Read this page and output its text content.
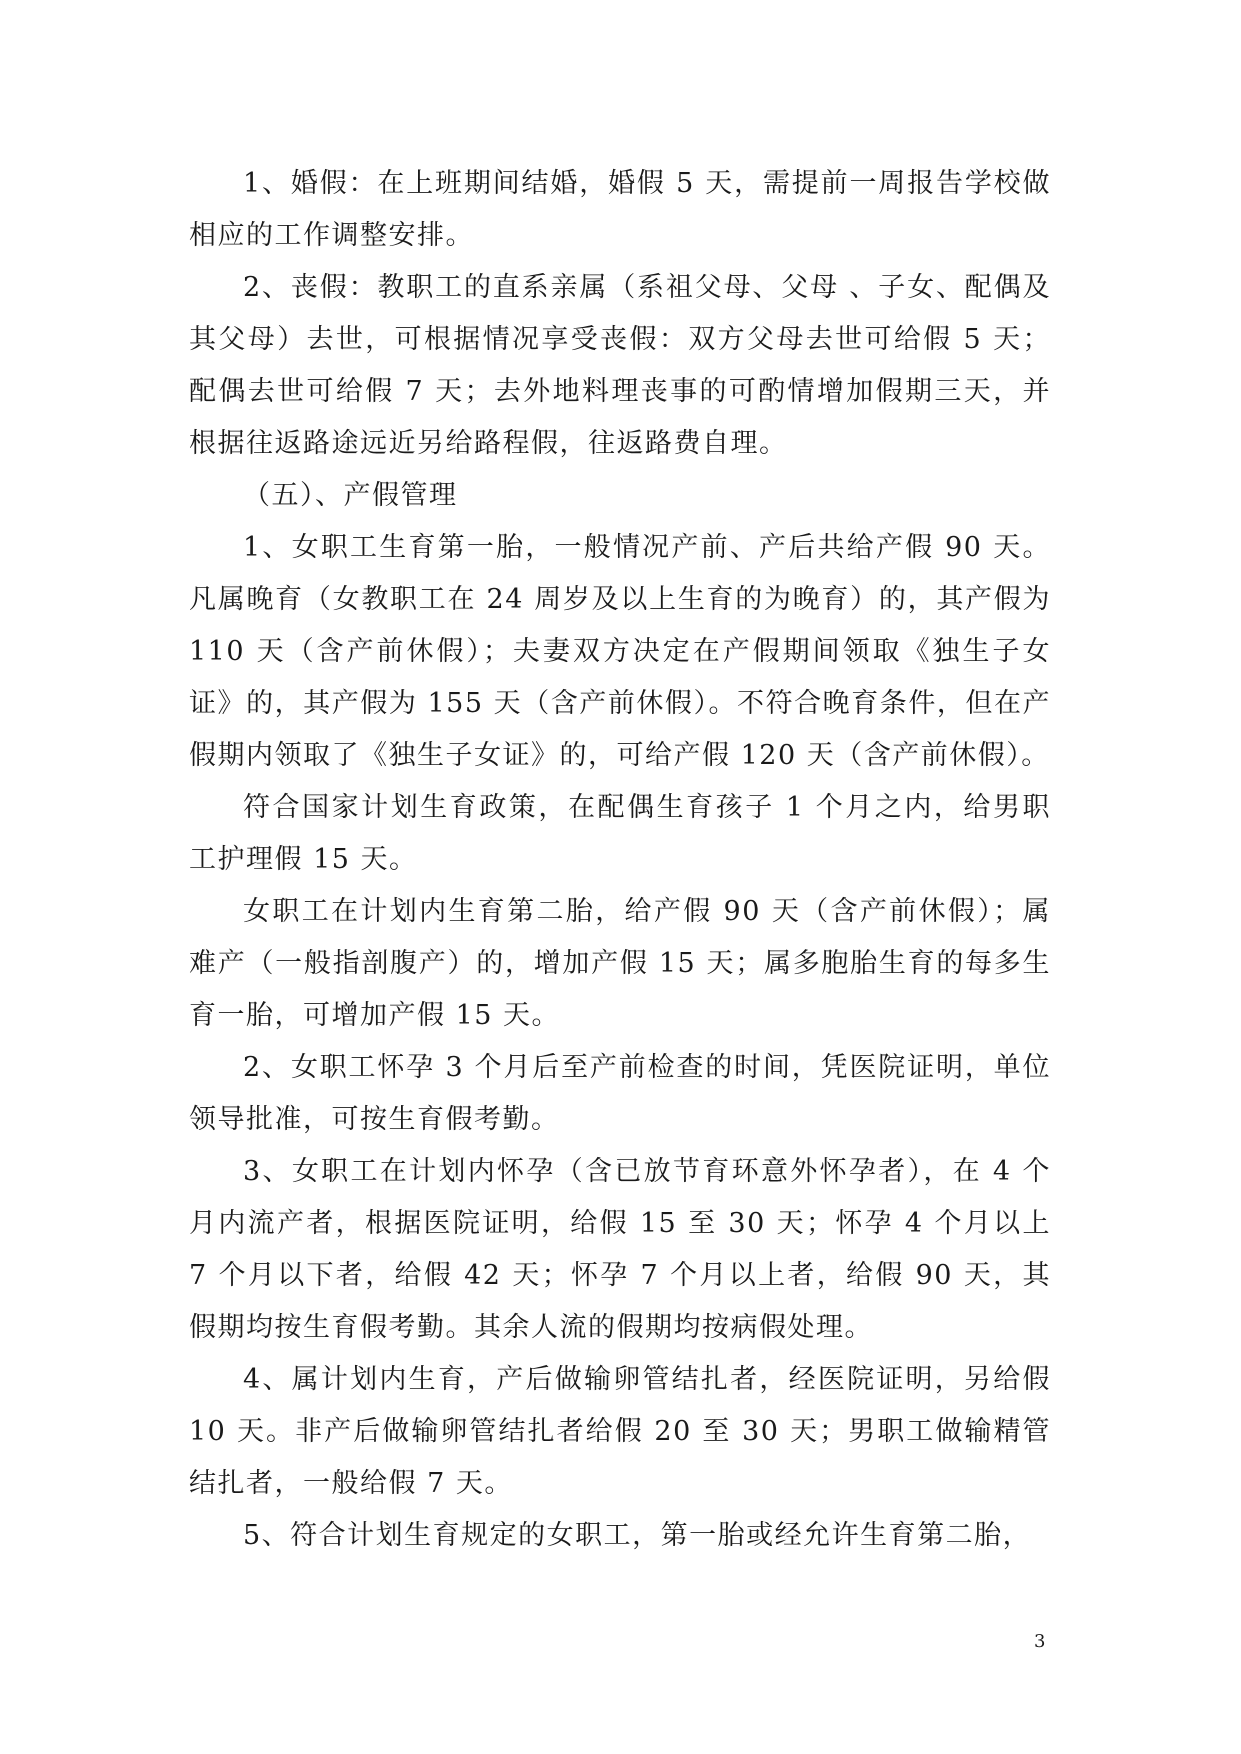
1、婚假：在上班期间结婚，婚假 5 天，需提前一周报告学校做相应的工作调整安排。

2、丧假：教职工的直系亲属（系祖父母、父母 、子女、配偶及其父母）去世，可根据情况享受丧假：双方父母去世可给假 5 天；配偶去世可给假 7 天；去外地料理丧事的可酌情增加假期三天，并根据往返路途远近另给路程假，往返路费自理。

（五）、产假管理

1、女职工生育第一胎，一般情况产前、产后共给产假 90 天。凡属晚育（女教职工在 24 周岁及以上生育的为晚育）的，其产假为 110 天（含产前休假）；夫妻双方决定在产假期间领取《独生子女证》的，其产假为 155 天（含产前休假）。不符合晚育条件，但在产假期内领取了《独生子女证》的，可给产假 120 天（含产前休假）。

符合国家计划生育政策，在配偶生育孩子 1 个月之内，给男职工护理假 15 天。

女职工在计划内生育第二胎，给产假 90 天（含产前休假）；属难产（一般指剖腹产）的，增加产假 15 天；属多胞胎生育的每多生育一胎，可增加产假 15 天。

2、女职工怀孕 3 个月后至产前检查的时间，凭医院证明，单位领导批准，可按生育假考勤。

3、女职工在计划内怀孕（含已放节育环意外怀孕者），在 4 个月内流产者，根据医院证明，给假 15 至 30 天；怀孕 4 个月以上 7 个月以下者，给假 42 天；怀孕 7 个月以上者，给假 90 天，其假期均按生育假考勤。其余人流的假期均按病假处理。

4、属计划内生育，产后做输卵管结扎者，经医院证明，另给假 10 天。非产后做输卵管结扎者给假 20 至 30 天；男职工做输精管结扎者，一般给假 7 天。

5、符合计划生育规定的女职工，第一胎或经允许生育第二胎，

3
